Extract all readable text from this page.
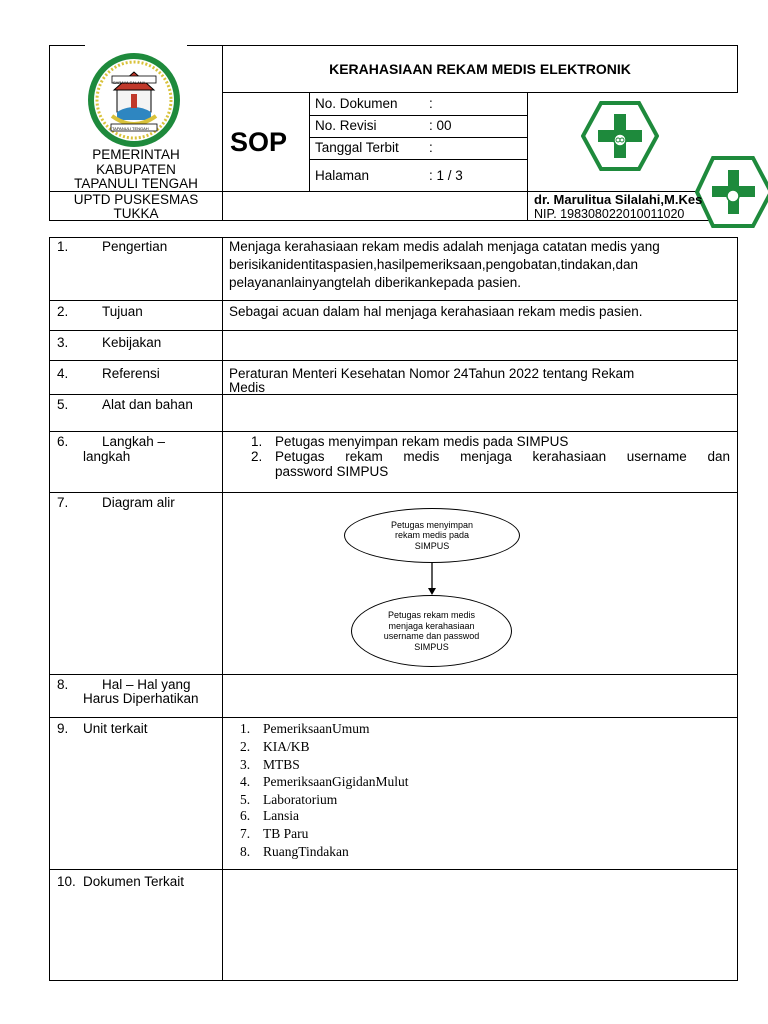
SARAYA SALANA
TAPANULI TENGAH
PEMERINTAH
KABUPATEN
TAPANULI TENGAH
UPTD PUSKESMAS
TUKKA
KERAHASIAAN REKAM MEDIS ELEKTRONIK
SOP
No. Dokumen :
No. Revisi	: 00
Tanggal Terbit :
Halaman	: 1 / 3
dr. Marulitua Silalahi,M.Kes
NIP. 198308022010011020
1. Pengertian	Menjaga kerahasiaan rekam medis adalah menjaga catatan medis yang
berisikanidentitaspasien,hasilpemeriksaan,pengobatan,tindakan,dan
pelayananlainyangtelah diberikankepada pasien.
2. Tujuan	Sebagai acuan dalam hal menjaga kerahasiaan rekam medis pasien.
3. Kebijakan
4. Referensi	Peraturan Menteri Kesehatan Nomor 24Tahun 2022 tentang Rekam
Medis
5. Alat dan bahan
6. Langkah –
langkah
1. Petugas menyimpan rekam medis pada SIMPUS
2. Petugas rekam medis menjaga kerahasiaan username dan
password SIMPUS
7. Diagram alir
Petugas menyimpan
rekam medis pada
SIMPUS
Petugas rekam medis
menjaga kerahasiaan
username dan passwod
SIMPUS
8. Hal – Hal yang
Harus Diperhatikan
9. Unit terkait	1. PemeriksaanUmum
2. KIA/KB
3. MTBS
4. PemeriksaanGigidanMulut
5. Laboratorium
6. Lansia
7. TB Paru
8. RuangTindakan
10. Dokumen Terkait
